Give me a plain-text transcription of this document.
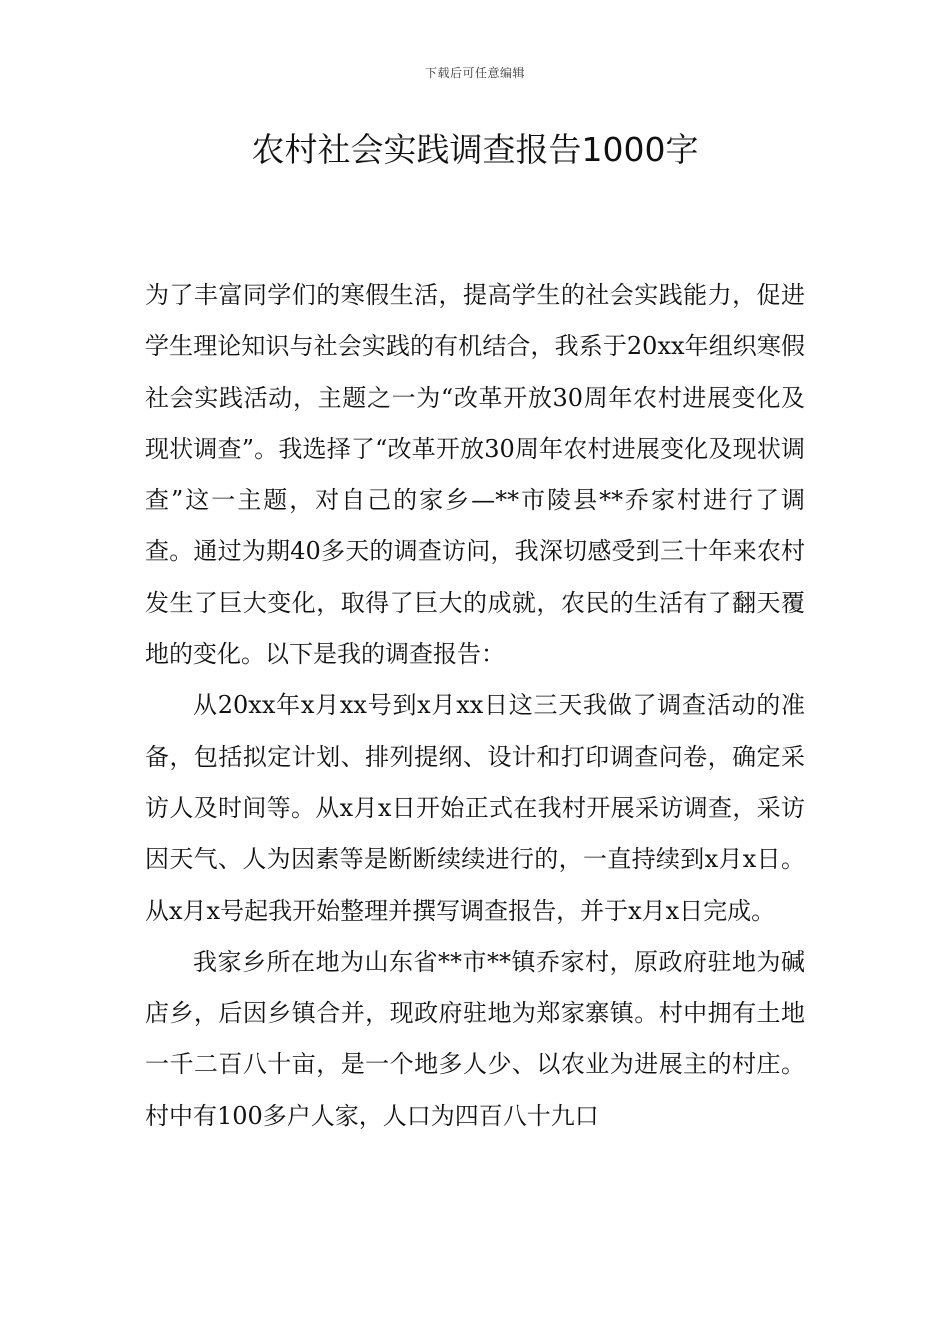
下载后可任意编辑
农村社会实践调查报告1000字

为了丰富同学们的寒假生活，提高学生的社会实践能力，促进学生理论知识与社会实践的有机结合，我系于20xx年组织寒假社会实践活动，主题之一为“改革开放30周年农村进展变化及现状调查”。我选择了“改革开放30周年农村进展变化及现状调查”这一主题，对自己的家乡—**市陵县**乔家村进行了调查。通过为期40多天的调查访问，我深切感受到三十年来农村发生了巨大变化，取得了巨大的成就，农民的生活有了翻天覆地的变化。以下是我的调查报告：

从20xx年x月xx号到x月xx日这三天我做了调查活动的准备，包括拟定计划、排列提纲、设计和打印调查问卷，确定采访人及时间等。从x月x日开始正式在我村开展采访调查，采访因天气、人为因素等是断断续续进行的，一直持续到x月x日。从x月x号起我开始整理并撰写调查报告，并于x月x日完成。

我家乡所在地为山东省**市**镇乔家村，原政府驻地为碱店乡，后因乡镇合并，现政府驻地为郑家寨镇。村中拥有土地一千二百八十亩，是一个地多人少、以农业为进展主的村庄。村中有100多户人家，人口为四百八十九口
